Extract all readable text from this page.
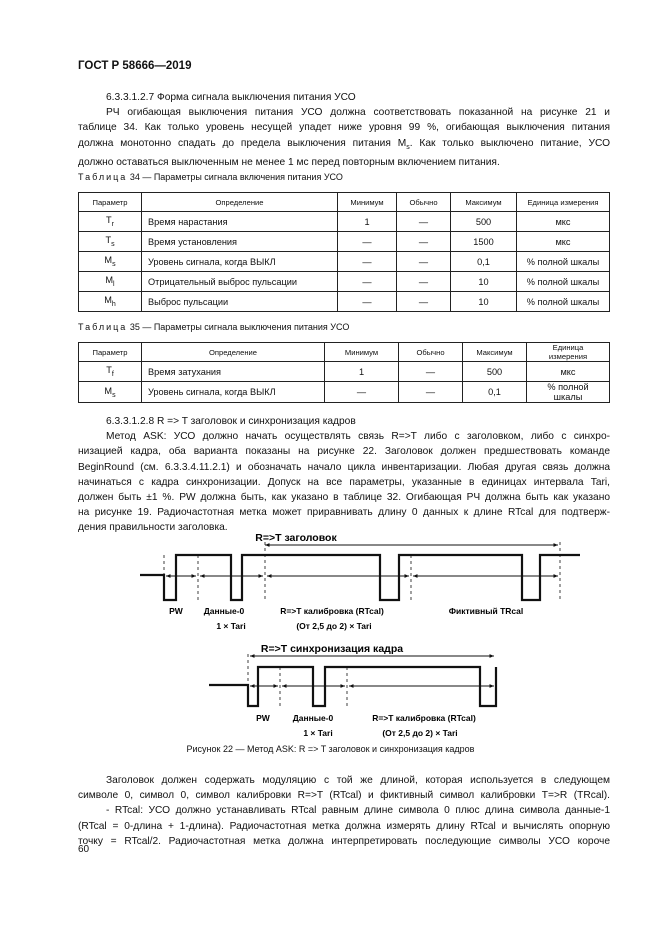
ГОСТ Р 58666—2019
6.3.3.1.2.7 Форма сигнала выключения питания УСО
РЧ огибающая выключения питания УСО должна соответствовать показанной на рисунке 21 и
таблице 34. Как только уровень несущей упадет ниже уровня 99 %, огибающая выключения питания
должна монотонно спадать до предела выключения питания $M_s$. Как только выключено питание, УСО
должно оставаться выключенным не менее 1 мс перед повторным включением питания.
Таблица 34 — Параметры сигнала включения питания УСО
Параметр	Определение	Минимум	Обычно	Максимум	Единица измерения
$T_r$	Время нарастания	1	—	500	мкс
$T_s$	Время установления	—	—	1500	мкс
$M_s$	Уровень сигнала, когда ВЫКЛ	—	—	0,1	% полной шкалы
$M_l$	Отрицательный выброс пульсации	—	—	10	% полной шкалы
$M_h$	Выброс пульсации	—	—	10	% полной шкалы
Таблица 35 — Параметры сигнала выключения питания УСО
Параметр	Определение	Минимум	Обычно	Максимум	Единица измерения
$T_f$	Время затухания	1	—	500	мкс
$M_s$	Уровень сигнала, когда ВЫКЛ	—	—	0,1	% полной шкалы
6.3.3.1.2.8 R => T заголовок и синхронизация кадров
Метод ASK: УСО должно начать осуществлять связь R=>T либо с заголовком, либо с синхро-
низацией кадра, оба варианта показаны на рисунке 22. Заголовок должен предшествовать команде
BeginRound (см. 6.3.3.4.11.2.1) и обозначать начало цикла инвентаризации. Любая другая связь должна
начинаться с кадра синхронизации. Допуск на все параметры, указанные в единицах интервала Tari,
должен быть ±1 %. PW должна быть, как указано в таблице 32. Огибающая РЧ должна быть как указано
на рисунке 19. Радиочастотная метка может приравнивать длину 0 данных к длине RTcal для подтверж-
дения правильности заголовка.
R=>T заголовок
PW Данные-0
1 × Tari
R=>T калибровка (RTcal)
(От 2,5 до 2) × Tari
Фиктивный TRcal
R=>T синхронизация кадра
PW	Данные-0
1 × Tari
R=>T калибровка (RTcal)
(От 2,5 до 2) × Tari
Рисунок 22 — Метод ASK: R => T заголовок и синхронизация кадров
Заголовок должен содержать модуляцию с той же длиной, которая используется в следующем
символе 0, символ 0, символ калибровки R=>T (RTcal) и фиктивный символ калибровки T=>R (TRcal).
- RTcal: УСО должно устанавливать RTcal равным длине символа 0 плюс длина символа данные-1
(RTcal = 0-длина + 1-длина). Радиочастотная метка должна измерять длину RTcal и вычислять опорную
точку = RTcal/2. Радиочастотная метка должна интерпретировать последующие символы УСО короче
60
